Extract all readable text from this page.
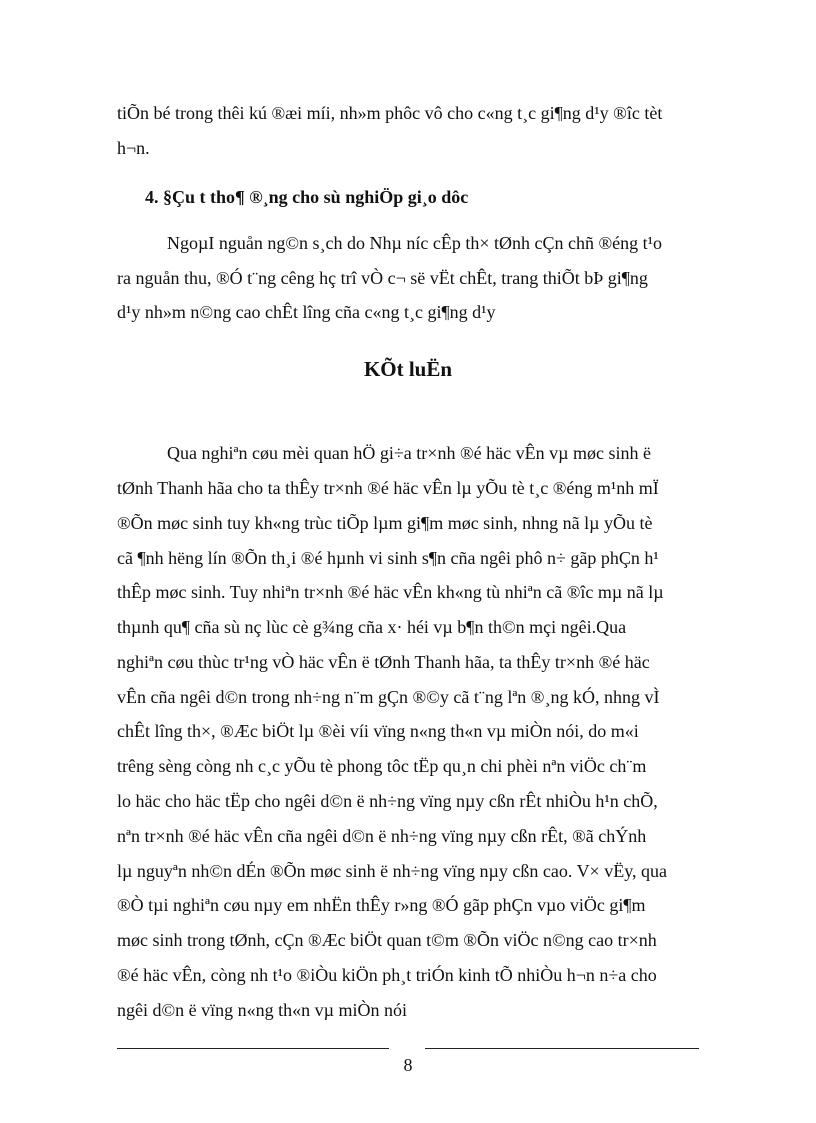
tiÕn bé trong thêi kú ®æi míi, nh»m phôc vô cho c«ng t¸c gi¶ng d¹y ®îc tèt
h¬n.
4. §Çu t tho¶ ®¸ng cho sù nghiÖp gi¸o dôc
NgoµI nguån ng©n s¸ch do Nhµ níc cÊp th× tØnh cÇn chñ ®éng t¹o
ra nguån thu, ®Ó t¨ng cêng hç trî vÒ c¬ së vËt chÊt, trang thiÕt bÞ gi¶ng
d¹y nh»m n©ng cao chÊt lîng cña c«ng t¸c gi¶ng d¹y
KÕt luËn
Qua nghiªn cøu mèi quan hÖ gi÷a tr×nh ®é häc vÊn vµ møc sinh ë
tØnh Thanh hãa cho ta thÊy tr×nh ®é häc vÊn lµ yÕu tè t¸c ®éng m¹nh mÏ
®Õn møc sinh tuy kh«ng trùc tiÕp lµm gi¶m møc sinh, nhng nã lµ yÕu tè
cã ¶nh hëng lín ®Õn th¸i ®é hµnh vi sinh s¶n cña ngêi phô n÷ gãp phÇn h¹
thÊp møc sinh. Tuy nhiªn tr×nh ®é häc vÊn kh«ng tù nhiªn cã ®îc mµ nã lµ
thµnh qu¶ cña sù nç lùc cè g¾ng cña x· héi vµ b¶n th©n mçi ngêi.Qua
nghiªn cøu thùc tr¹ng vÒ häc vÊn ë tØnh Thanh hãa, ta thÊy tr×nh ®é häc
vÊn cña ngêi d©n trong nh÷ng n¨m gÇn ®©y cã t¨ng lªn ®¸ng kÓ, nhng vÌ
chÊt lîng th×, ®Æc biÖt lµ ®èi víi vïng n«ng th«n vµ miÒn nói, do m«i
trêng sèng còng nh c¸c yÕu tè phong tôc tËp qu¸n chi phèi nªn viÖc ch¨m
lo häc cho häc tËp cho ngêi d©n ë nh÷ng vïng nµy cßn rÊt nhiÒu h¹n chÕ,
nªn tr×nh ®é häc vÊn cña ngêi d©n ë nh÷ng vïng nµy cßn rÊt, ®ã chÝnh
lµ nguyªn nh©n dÉn ®Õn møc sinh ë nh÷ng vïng nµy cßn cao. V× vËy, qua
®Ò tµi nghiªn cøu nµy em nhËn thÊy r»ng ®Ó gãp phÇn vµo viÖc gi¶m
møc sinh trong tØnh, cÇn ®Æc biÖt quan t©m ®Õn viÖc n©ng cao tr×nh
®é häc vÊn, còng nh t¹o ®iÒu kiÖn ph¸t triÓn kinh tÕ nhiÒu h¬n n÷a cho
ngêi d©n ë vïng n«ng th«n vµ miÒn nói
8
